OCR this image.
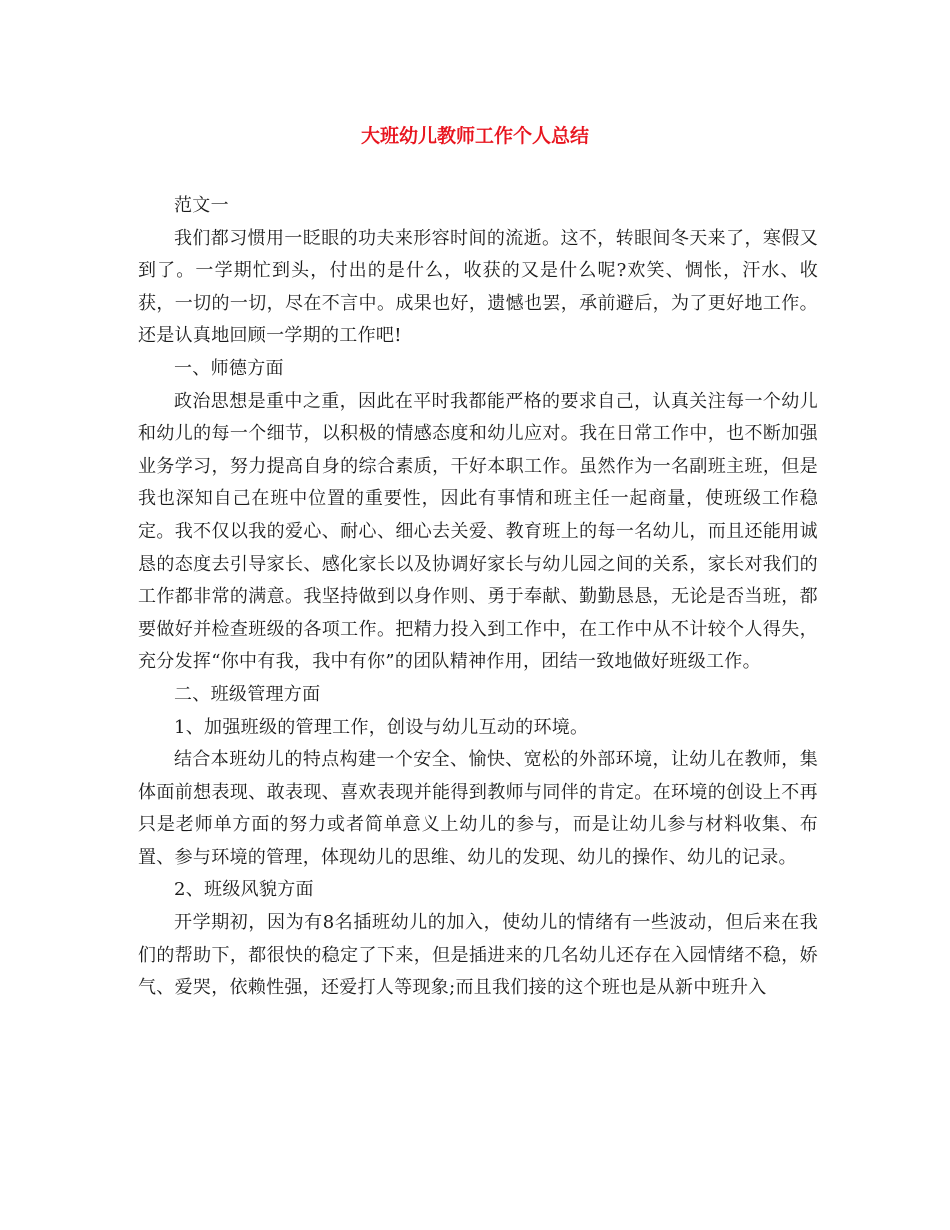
大班幼儿教师工作个人总结

范文一

我们都习惯用一眨眼的功夫来形容时间的流逝。这不，转眼间冬天来了，寒假又到了。一学期忙到头，付出的是什么，收获的又是什么呢?欢笑、惆怅，汗水、收获，一切的一切，尽在不言中。成果也好，遗憾也罢，承前避后，为了更好地工作。还是认真地回顾一学期的工作吧!

一、师德方面

政治思想是重中之重，因此在平时我都能严格的要求自己，认真关注每一个幼儿和幼儿的每一个细节，以积极的情感态度和幼儿应对。我在日常工作中，也不断加强业务学习，努力提高自身的综合素质，干好本职工作。虽然作为一名副班主班，但是我也深知自己在班中位置的重要性，因此有事情和班主任一起商量，使班级工作稳定。我不仅以我的爱心、耐心、细心去关爱、教育班上的每一名幼儿，而且还能用诚恳的态度去引导家长、感化家长以及协调好家长与幼儿园之间的关系，家长对我们的工作都非常的满意。我坚持做到以身作则、勇于奉献、勤勤恳恳，无论是否当班，都要做好并检查班级的各项工作。把精力投入到工作中，在工作中从不计较个人得失，充分发挥“你中有我，我中有你”的团队精神作用，团结一致地做好班级工作。

二、班级管理方面

1、加强班级的管理工作，创设与幼儿互动的环境。

结合本班幼儿的特点构建一个安全、愉快、宽松的外部环境，让幼儿在教师，集体面前想表现、敢表现、喜欢表现并能得到教师与同伴的肯定。在环境的创设上不再只是老师单方面的努力或者简单意义上幼儿的参与，而是让幼儿参与材料收集、布置、参与环境的管理，体现幼儿的思维、幼儿的发现、幼儿的操作、幼儿的记录。

2、班级风貌方面

开学期初，因为有8名插班幼儿的加入，使幼儿的情绪有一些波动，但后来在我们的帮助下，都很快的稳定了下来，但是插进来的几名幼儿还存在入园情绪不稳，娇气、爱哭，依赖性强，还爱打人等现象;而且我们接的这个班也是从新中班升入
